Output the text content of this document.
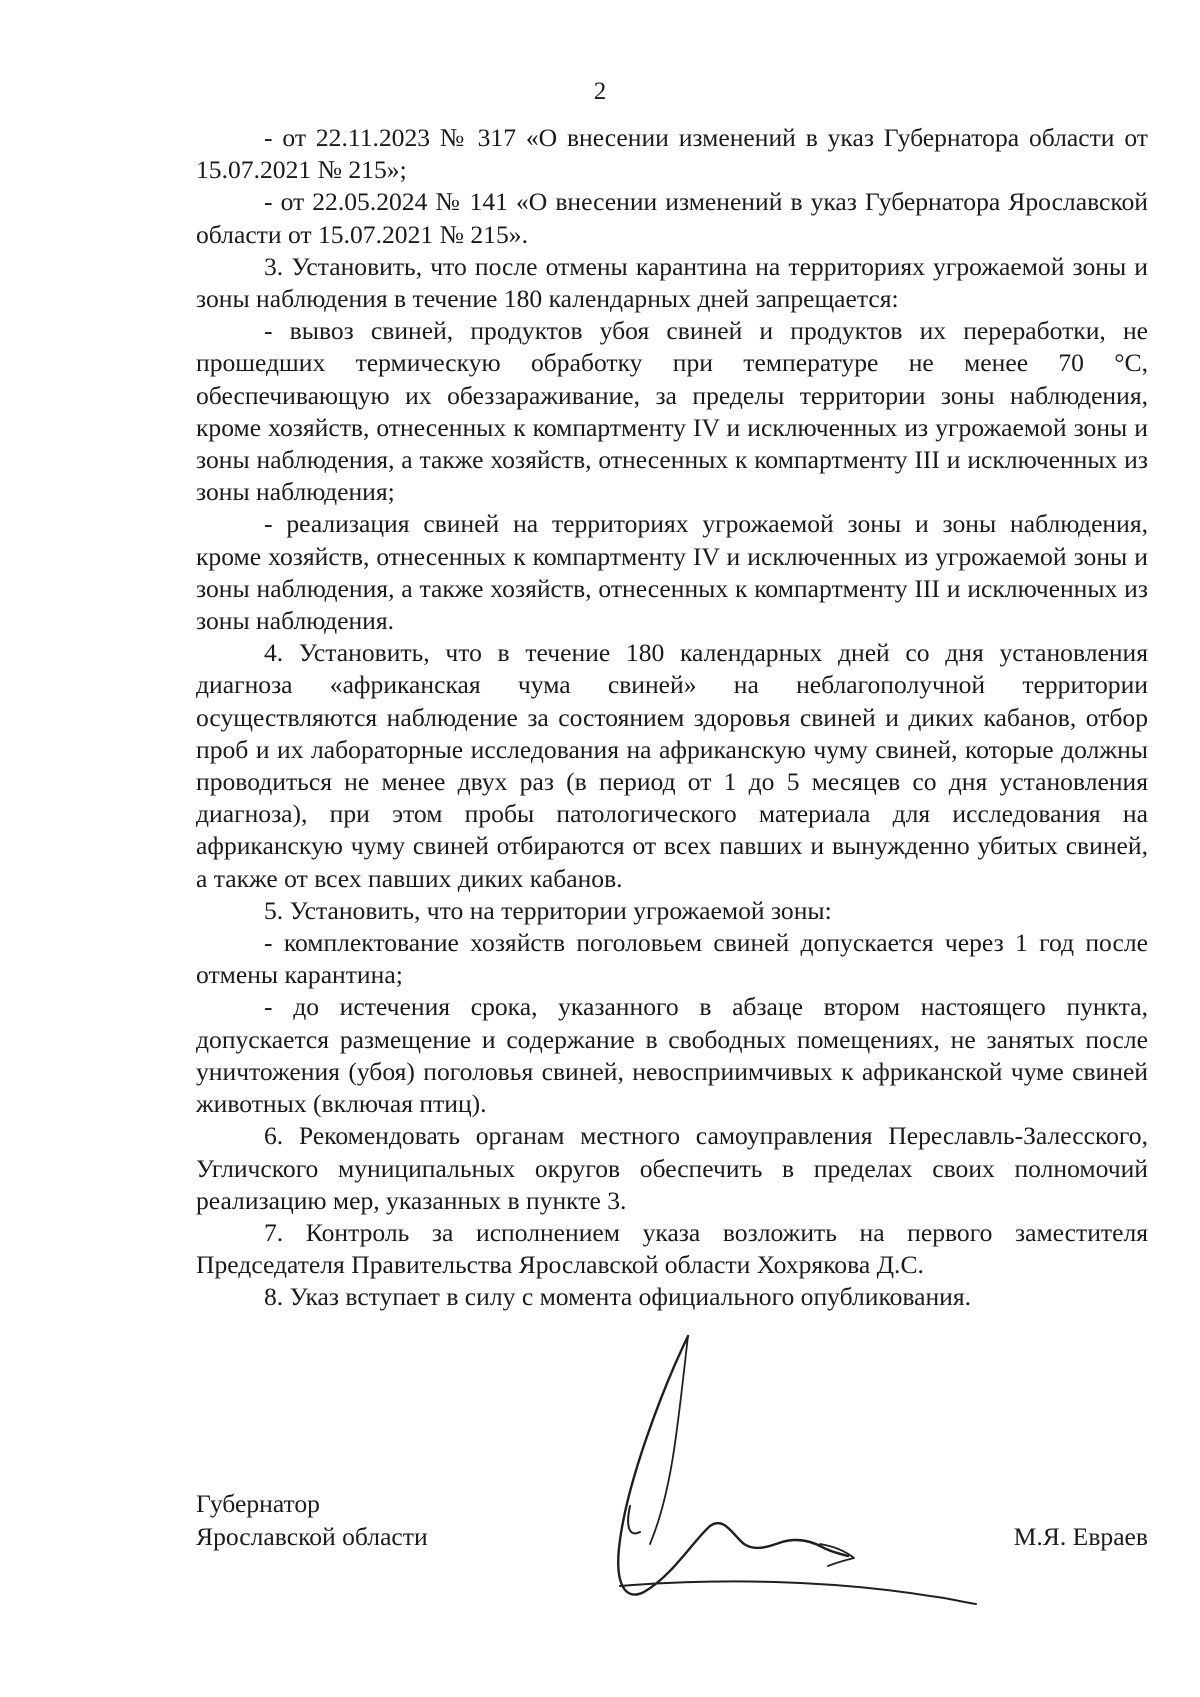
2

- от 22.11.2023 № 317 «О внесении изменений в указ Губернатора области от 15.07.2021 № 215»;

- от 22.05.2024 № 141 «О внесении изменений в указ Губернатора Ярославской области от 15.07.2021 № 215».

3. Установить, что после отмены карантина на территориях угрожаемой зоны и зоны наблюдения в течение 180 календарных дней запрещается:

- вывоз свиней, продуктов убоя свиней и продуктов их переработки, не прошедших термическую обработку при температуре не менее 70 °С, обеспечивающую их обеззараживание, за пределы территории зоны наблюдения, кроме хозяйств, отнесенных к компартменту IV и исключенных из угрожаемой зоны и зоны наблюдения, а также хозяйств, отнесенных к компартменту III и исключенных из зоны наблюдения;

- реализация свиней на территориях угрожаемой зоны и зоны наблюдения, кроме хозяйств, отнесенных к компартменту IV и исключенных из угрожаемой зоны и зоны наблюдения, а также хозяйств, отнесенных к компартменту III и исключенных из зоны наблюдения.

4. Установить, что в течение 180 календарных дней со дня установления диагноза «африканская чума свиней» на неблагополучной территории осуществляются наблюдение за состоянием здоровья свиней и диких кабанов, отбор проб и их лабораторные исследования на африканскую чуму свиней, которые должны проводиться не менее двух раз (в период от 1 до 5 месяцев со дня установления диагноза), при этом пробы патологического материала для исследования на африканскую чуму свиней отбираются от всех павших и вынужденно убитых свиней, а также от всех павших диких кабанов.

5. Установить, что на территории угрожаемой зоны:

- комплектование хозяйств поголовьем свиней допускается через 1 год после отмены карантина;

- до истечения срока, указанного в абзаце втором настоящего пункта, допускается размещение и содержание в свободных помещениях, не занятых после уничтожения (убоя) поголовья свиней, невосприимчивых к африканской чуме свиней животных (включая птиц).

6. Рекомендовать органам местного самоуправления Переславль-Залесского, Угличского муниципальных округов обеспечить в пределах своих полномочий реализацию мер, указанных в пункте 3.

7. Контроль за исполнением указа возложить на первого заместителя Председателя Правительства Ярославской области Хохрякова Д.С.

8. Указ вступает в силу с момента официального опубликования.

Губернатор
Ярославской области	М.Я. Евраев
